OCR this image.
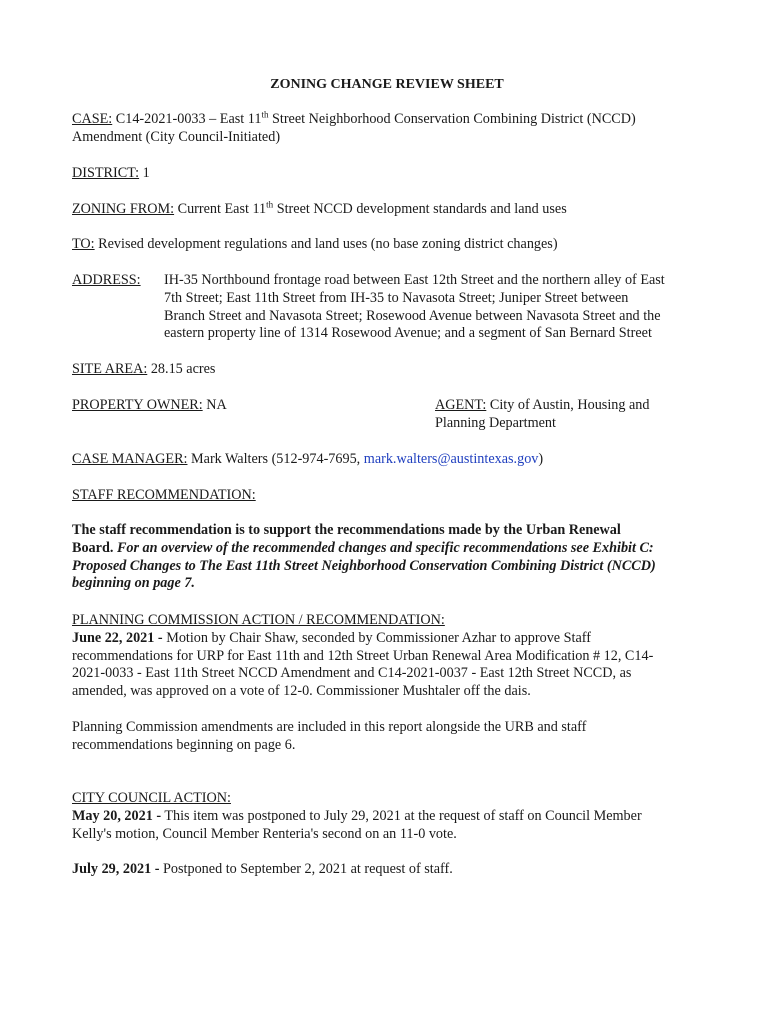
ZONING CHANGE REVIEW SHEET
CASE: C14-2021-0033 – East 11th Street Neighborhood Conservation Combining District (NCCD)
Amendment (City Council-Initiated)
DISTRICT: 1
ZONING FROM: Current East 11th Street NCCD development standards and land uses
TO: Revised development regulations and land uses (no base zoning district changes)
ADDRESS:	IH-35 Northbound frontage road between East 12th Street and the northern alley of East
7th Street; East 11th Street from IH-35 to Navasota Street; Juniper Street between
Branch Street and Navasota Street; Rosewood Avenue between Navasota Street and the
eastern property line of 1314 Rosewood Avenue; and a segment of San Bernard Street
SITE AREA: 28.15 acres
PROPERTY OWNER: NA	AGENT: City of Austin, Housing and
Planning Department
CASE MANAGER: Mark Walters (512-974-7695, mark.walters@austintexas.gov)
STAFF RECOMMENDATION:
The staff recommendation is to support the recommendations made by the Urban Renewal
Board. For an overview of the recommended changes and specific recommendations see Exhibit C:
Proposed Changes to The East 11th Street Neighborhood Conservation Combining District (NCCD)
beginning on page 7.
PLANNING COMMISSION ACTION / RECOMMENDATION:
June 22, 2021 - Motion by Chair Shaw, seconded by Commissioner Azhar to approve Staff
recommendations for URP for East 11th and 12th Street Urban Renewal Area Modification # 12, C14-
2021-0033 - East 11th Street NCCD Amendment and C14-2021-0037 - East 12th Street NCCD, as
amended, was approved on a vote of 12-0. Commissioner Mushtaler off the dais.
Planning Commission amendments are included in this report alongside the URB and staff
recommendations beginning on page 6.
CITY COUNCIL ACTION:
May 20, 2021 - This item was postponed to July 29, 2021 at the request of staff on Council Member
Kelly's motion, Council Member Renteria's second on an 11-0 vote.
July 29, 2021 - Postponed to September 2, 2021 at request of staff.
